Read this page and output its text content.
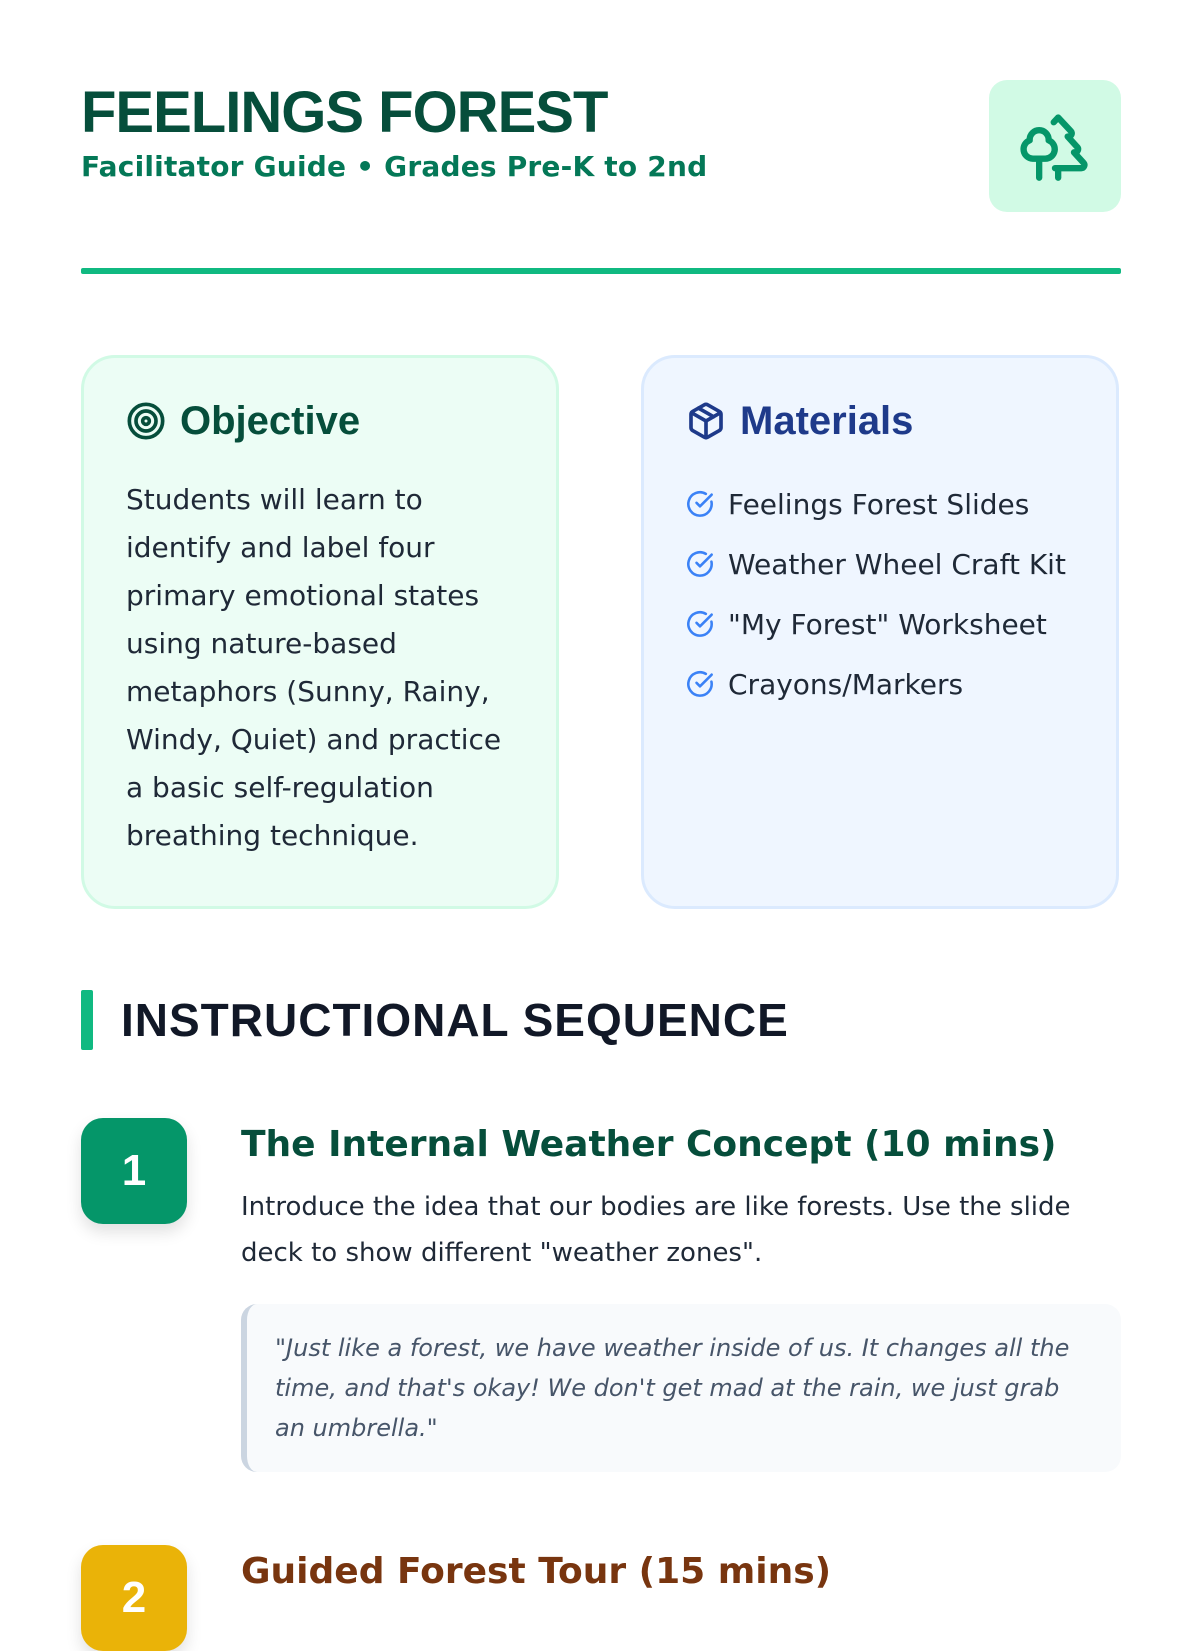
FEELINGS FOREST

Facilitator Guide • Grades Pre-K to 2nd

Objective

Students will learn to identify and label four primary emotional states using nature-based metaphors (Sunny, Rainy, Windy, Quiet) and practice a basic self-regulation breathing technique.

Materials
Feelings Forest Slides
Weather Wheel Craft Kit
"My Forest" Worksheet
Crayons/Markers
INSTRUCTIONAL SEQUENCE
1
The Internal Weather Concept (10 mins)

Introduce the idea that our bodies are like forests. Use the slide deck to show different "weather zones".

"Just like a forest, we have weather inside of us. It changes all the time, and that's okay! We don't get mad at the rain, we just grab an umbrella."

2
Guided Forest Tour (15 mins)
